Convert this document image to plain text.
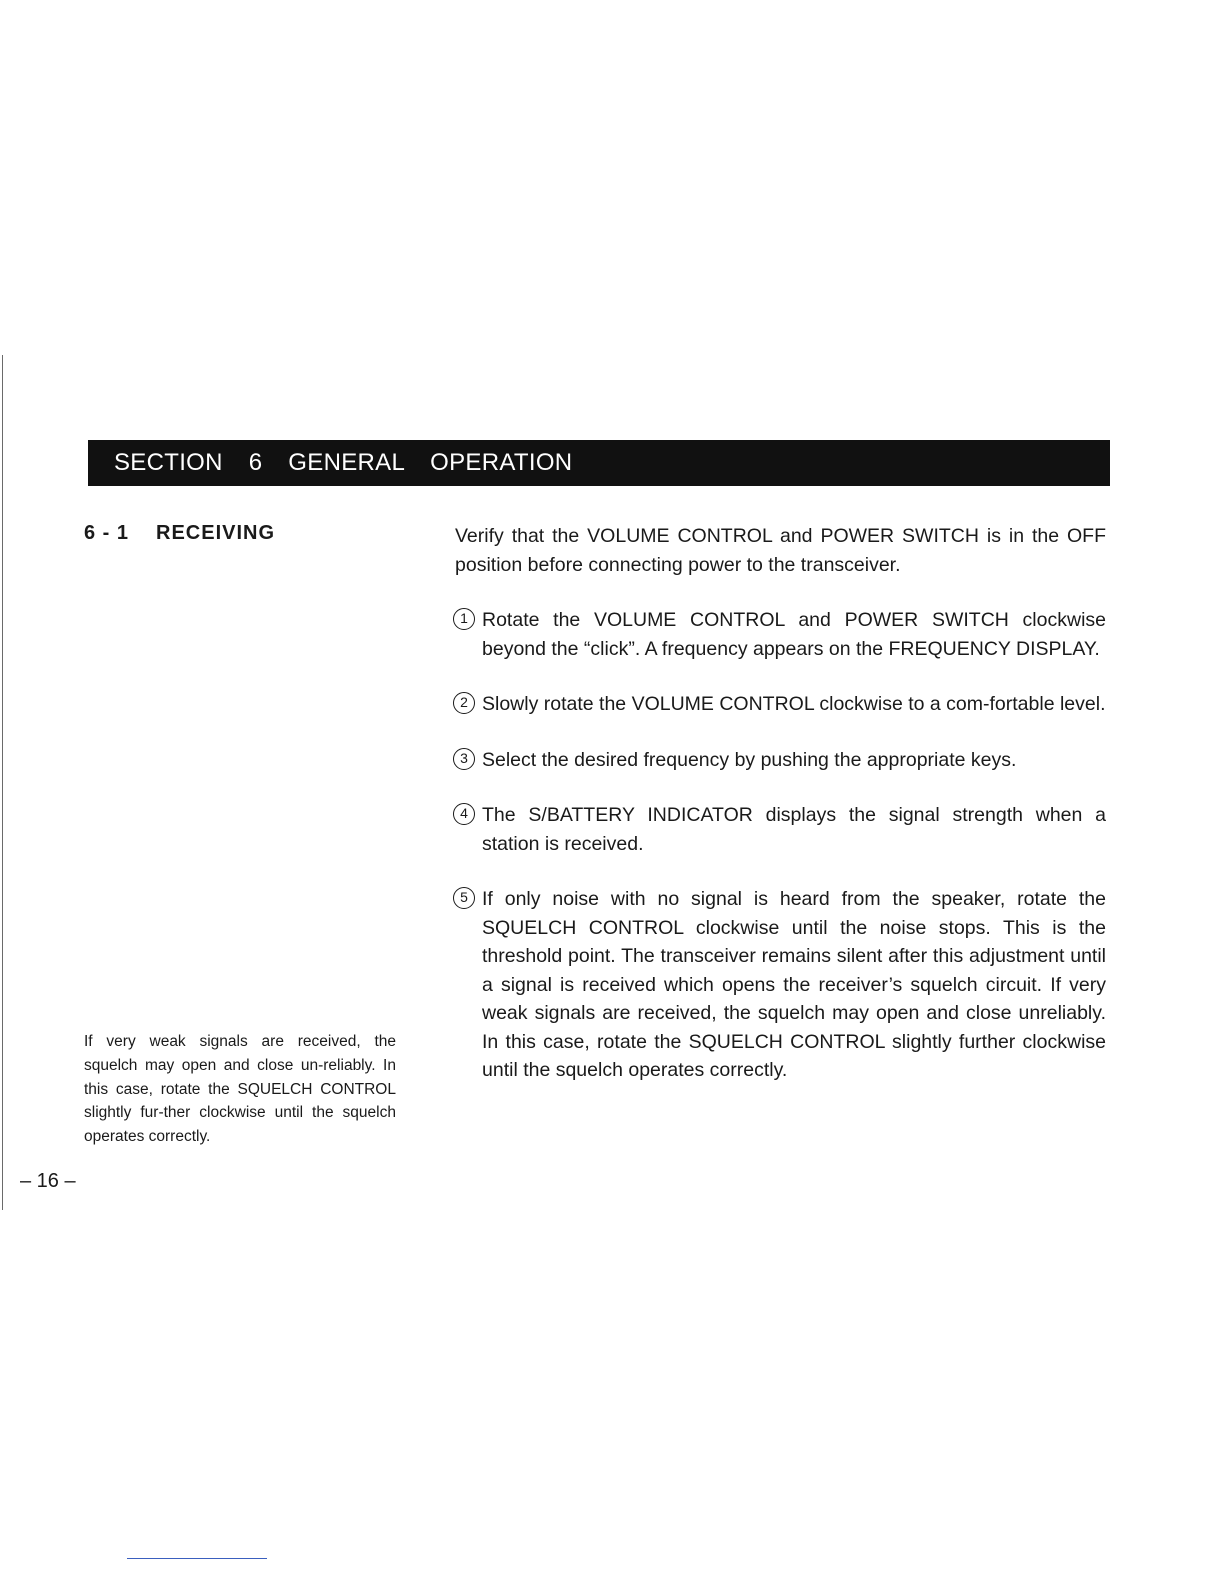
SECTION  6  GENERAL  OPERATION
6 - 1 RECEIVING
If very weak signals are received, the squelch may open and close un-reliably. In this case, rotate the SQUELCH CONTROL slightly fur-ther clockwise until the squelch operates correctly.
– 16 –

Verify that the VOLUME CONTROL and POWER SWITCH is in the OFF position before connecting power to the transceiver.

1 Rotate the VOLUME CONTROL and POWER SWITCH clockwise beyond the “click”. A frequency appears on the FREQUENCY DISPLAY.
2 Slowly rotate the VOLUME CONTROL clockwise to a com-fortable level.
3 Select the desired frequency by pushing the appropriate keys.
4 The S/BATTERY INDICATOR displays the signal strength when a station is received.
5 If only noise with no signal is heard from the speaker, rotate the SQUELCH CONTROL clockwise until the noise stops. This is the threshold point. The transceiver remains silent after this adjustment until a signal is received which opens the receiver’s squelch circuit. If very weak signals are received, the squelch may open and close unreliably. In this case, rotate the SQUELCH CONTROL slightly further clockwise until the squelch operates correctly.
